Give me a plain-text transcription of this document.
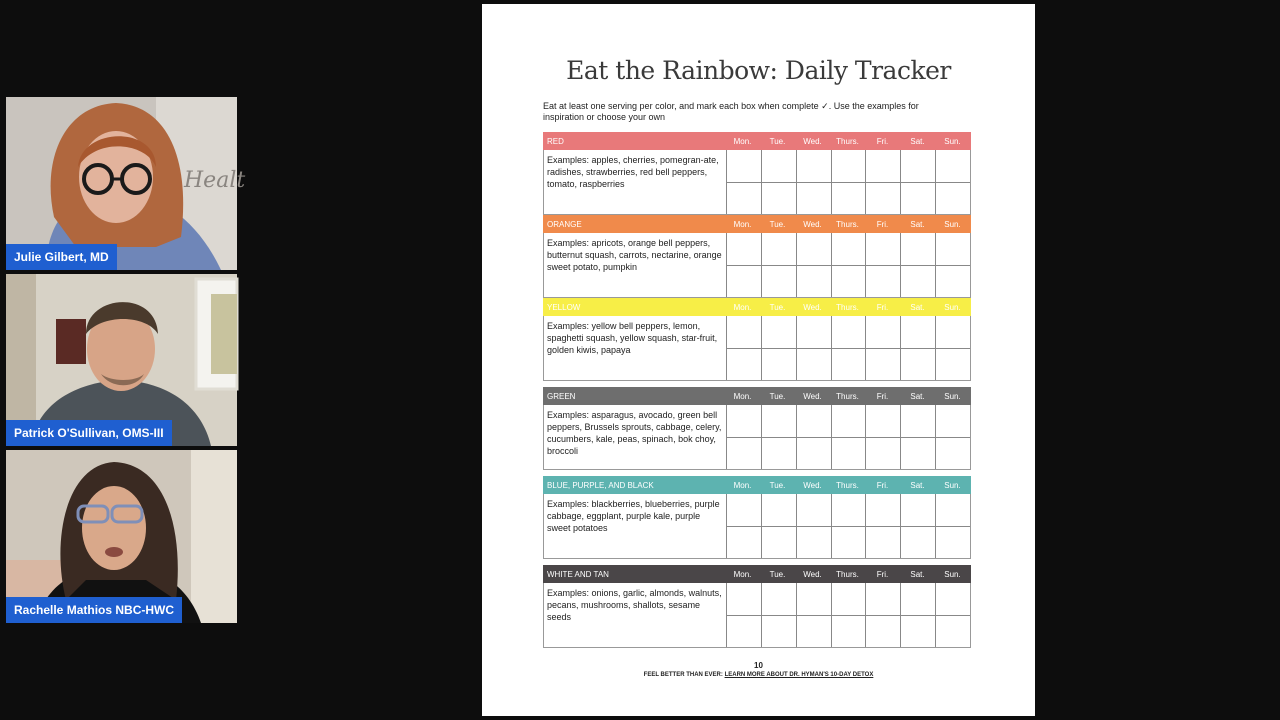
Healt
Julie Gilbert, MD
Patrick O'Sullivan, OMS-III
Rachelle Mathios NBC-HWC
Eat the Rainbow: Daily Tracker
Eat at least one serving per color, and mark each box when complete ✓. Use the examples for inspiration or choose your own
RED	Mon.	Tue.	Wed.	Thurs.	Fri.	Sat.	Sun.
Examples: apples, cherries, pomegran-ate, radishes, strawberries, red bell peppers, tomato, raspberries
ORANGE	Mon.	Tue.	Wed.	Thurs.	Fri.	Sat.	Sun.
Examples: apricots, orange bell peppers, butternut squash, carrots, nectarine, orange sweet potato, pumpkin
YELLOW	Mon.	Tue.	Wed.	Thurs.	Fri.	Sat.	Sun.
Examples: yellow bell peppers, lemon, spaghetti squash, yellow squash, star-fruit, golden kiwis, papaya
GREEN	Mon.	Tue.	Wed.	Thurs.	Fri.	Sat.	Sun.
Examples: asparagus, avocado, green bell peppers, Brussels sprouts, cabbage, celery, cucumbers, kale, peas, spinach, bok choy, broccoli
BLUE, PURPLE, AND BLACK	Mon.	Tue.	Wed.	Thurs.	Fri.	Sat.	Sun.
Examples: blackberries, blueberries, purple cabbage, eggplant, purple kale, purple sweet potatoes
WHITE AND TAN	Mon.	Tue.	Wed.	Thurs.	Fri.	Sat.	Sun.
Examples: onions, garlic, almonds, walnuts, pecans, mushrooms, shallots, sesame seeds
10
FEEL BETTER THAN EVER: LEARN MORE ABOUT DR. HYMAN'S 10-DAY DETOX
